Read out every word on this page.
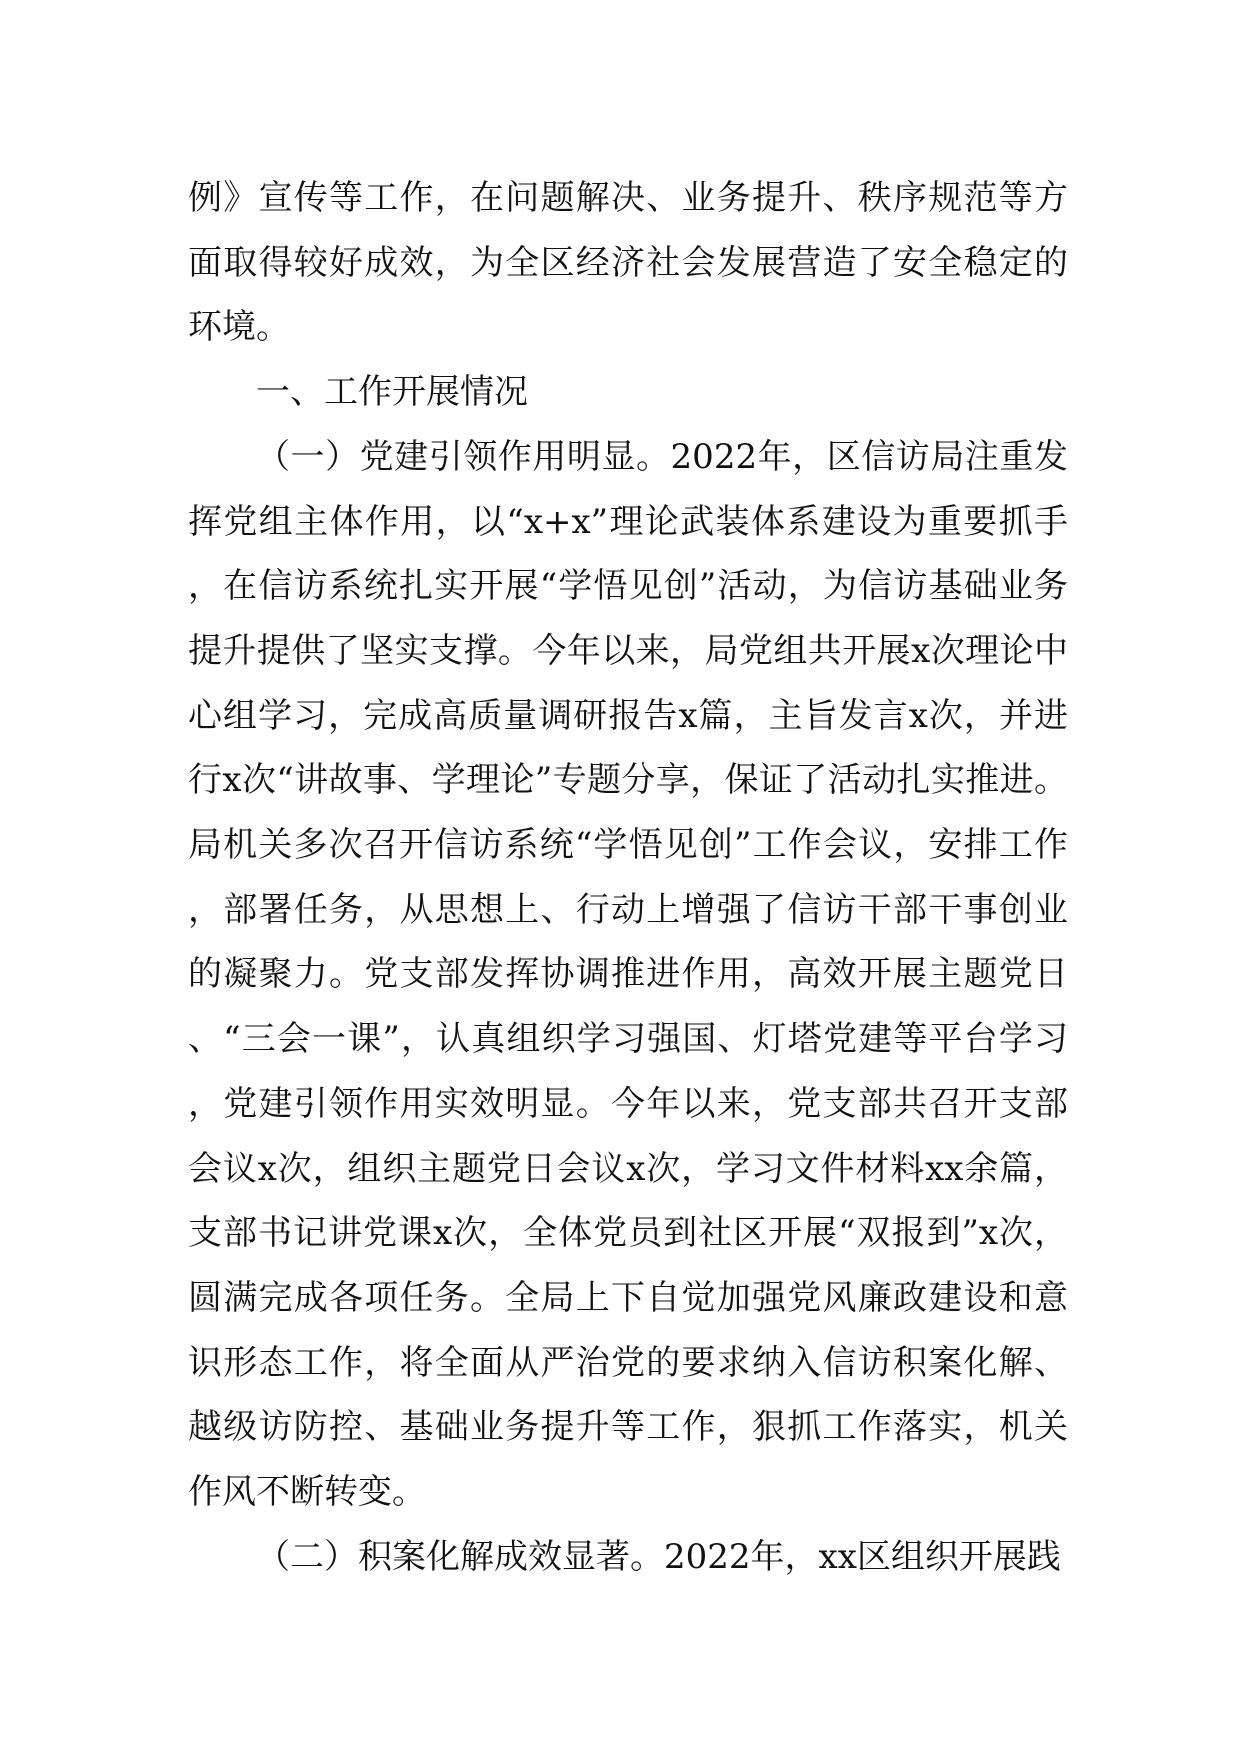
例》宣传等工作，在问题解决、业务提升、秩序规范等方面取得较好成效，为全区经济社会发展营造了安全稳定的环境。

一、工作开展情况

（一）党建引领作用明显。2022年，区信访局注重发挥党组主体作用，以“x+x”理论武装体系建设为重要抓手，在信访系统扎实开展“学悟见创”活动，为信访基础业务提升提供了坚实支撑。今年以来，局党组共开展x次理论中心组学习，完成高质量调研报告x篇，主旨发言x次，并进行x次“讲故事、学理论”专题分享，保证了活动扎实推进。局机关多次召开信访系统“学悟见创”工作会议，安排工作，部署任务，从思想上、行动上增强了信访干部干事创业的凝聚力。党支部发挥协调推进作用，高效开展主题党日、“三会一课”，认真组织学习强国、灯塔党建等平台学习，党建引领作用实效明显。今年以来，党支部共召开支部会议x次，组织主题党日会议x次，学习文件材料xx余篇，支部书记讲党课x次，全体党员到社区开展“双报到”x次，圆满完成各项任务。全局上下自觉加强党风廉政建设和意识形态工作，将全面从严治党的要求纳入信访积案化解、越级访防控、基础业务提升等工作，狠抓工作落实，机关作风不断转变。

（二）积案化解成效显著。2022年，xx区组织开展践
